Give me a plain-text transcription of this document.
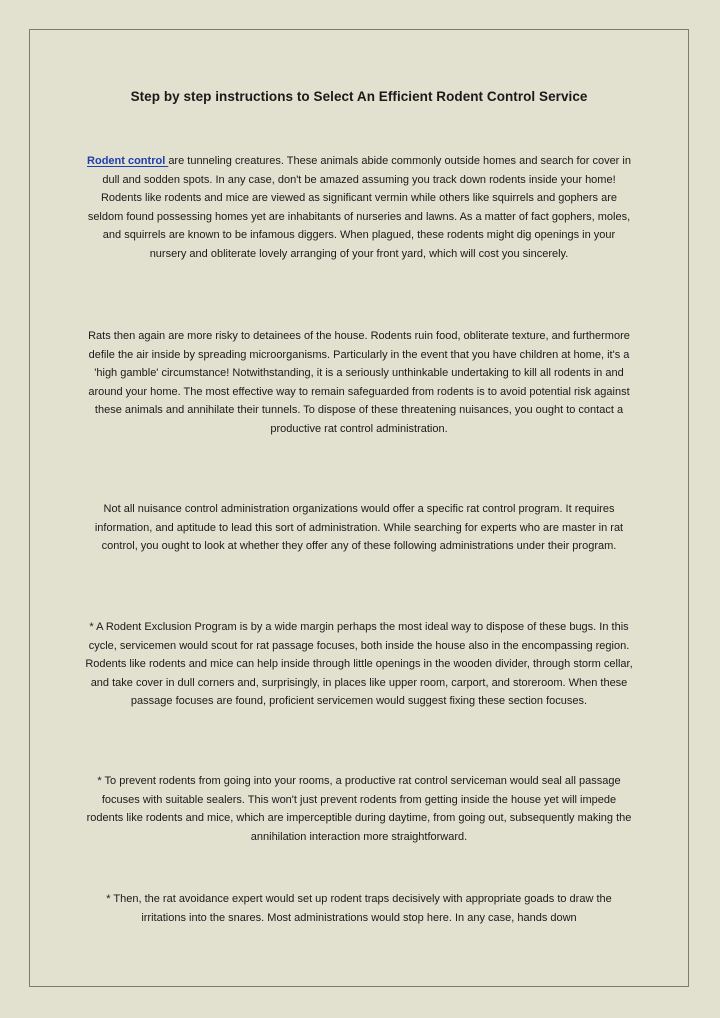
Step by step instructions to Select An Efficient Rodent Control Service
Rodent control are tunneling creatures. These animals abide commonly outside homes and search for cover in dull and sodden spots. In any case, don't be amazed assuming you track down rodents inside your home! Rodents like rodents and mice are viewed as significant vermin while others like squirrels and gophers are seldom found possessing homes yet are inhabitants of nurseries and lawns. As a matter of fact gophers, moles, and squirrels are known to be infamous diggers. When plagued, these rodents might dig openings in your nursery and obliterate lovely arranging of your front yard, which will cost you sincerely.
Rats then again are more risky to detainees of the house. Rodents ruin food, obliterate texture, and furthermore defile the air inside by spreading microorganisms. Particularly in the event that you have children at home, it's a 'high gamble' circumstance! Notwithstanding, it is a seriously unthinkable undertaking to kill all rodents in and around your home. The most effective way to remain safeguarded from rodents is to avoid potential risk against these animals and annihilate their tunnels. To dispose of these threatening nuisances, you ought to contact a productive rat control administration.
Not all nuisance control administration organizations would offer a specific rat control program. It requires information, and aptitude to lead this sort of administration. While searching for experts who are master in rat control, you ought to look at whether they offer any of these following administrations under their program.
* A Rodent Exclusion Program is by a wide margin perhaps the most ideal way to dispose of these bugs. In this cycle, servicemen would scout for rat passage focuses, both inside the house also in the encompassing region. Rodents like rodents and mice can help inside through little openings in the wooden divider, through storm cellar, and take cover in dull corners and, surprisingly, in places like upper room, carport, and storeroom. When these passage focuses are found, proficient servicemen would suggest fixing these section focuses.
* To prevent rodents from going into your rooms, a productive rat control serviceman would seal all passage focuses with suitable sealers. This won't just prevent rodents from getting inside the house yet will impede rodents like rodents and mice, which are imperceptible during daytime, from going out, subsequently making the annihilation interaction more straightforward.
* Then, the rat avoidance expert would set up rodent traps decisively with appropriate goads to draw the irritations into the snares. Most administrations would stop here. In any case, hands down
